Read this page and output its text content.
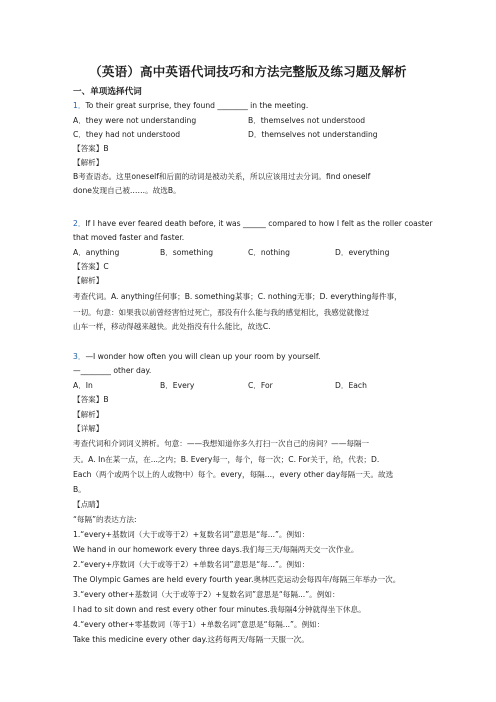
（英语）高中英语代词技巧和方法完整版及练习题及解析
一、单项选择代词
1．To their great surprise, they found ________ in the meeting.
A．they were not understanding	B．themselves not understood
C．they had not understood	D．themselves not understanding
【答案】B
【解析】
B考查语态。这里oneself和后面的动词是被动关系，所以应该用过去分词。find oneself
done发现自己被……。故选B。
2．If I have ever feared death before, it was ______ compared to how I felt as the roller coaster
that moved faster and faster.
A．anything	B．something	C．nothing	D．everything
【答案】C
【解析】
考查代词。A. anything任何事；B. something某事；C. nothing无事；D. everything每件事，
一切。句意：如果我以前曾经害怕过死亡，那没有什么能与我的感觉相比，我感觉就像过
山车一样，移动得越来越快。此处指没有什么能比，故选C.
3．—I wonder how often you will clean up your room by yourself.
—________ other day.
A．In	B．Every	C．For	D．Each
【答案】B
【解析】
【详解】
考查代词和介词词义辨析。句意：——我想知道你多久打扫一次自己的房间？——每隔一
天。A. In在某一点，在...之内；B. Every每一，每个，每一次；C. For关于，给，代表；D.
Each（两个或两个以上的人或物中）每个。every，每隔...，every other day每隔一天。故选
B。
【点睛】
“每隔”的表达方法:
1.“every+基数词（大于或等于2）+复数名词”意思是“每...”。例如：
We hand in our homework every three days.我们每三天/每隔两天交一次作业。
2.“every+序数词（大于或等于2）+单数名词”意思是“每...”。例如：
The Olympic Games are held every fourth year.奥林匹克运动会每四年/每隔三年举办一次。
3.“every other+基数词（大于或等于2）+复数名词”意思是“每隔...”。例如：
I had to sit down and rest every other four minutes.我每隔4分钟就得坐下休息。
4.“every other+零基数词（等于1）+单数名词”意思是“每隔...”。例如：
Take this medicine every other day.这药每两天/每隔一天服一次。
